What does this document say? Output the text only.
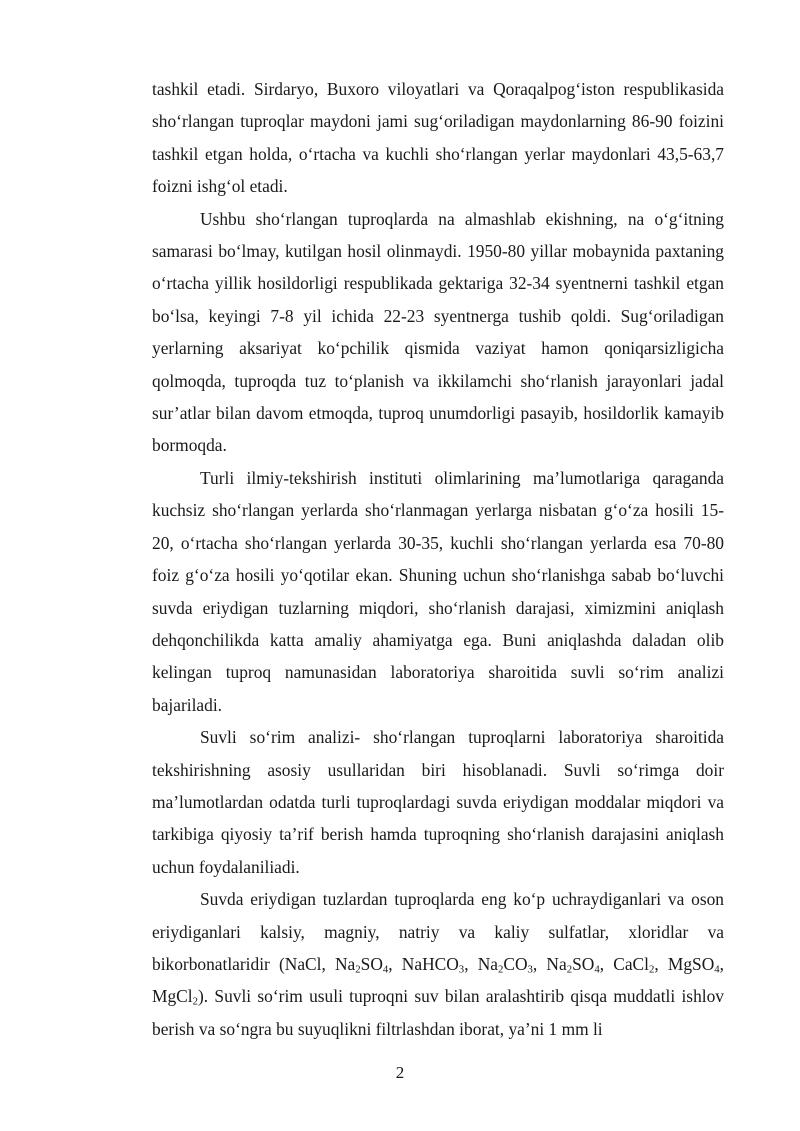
tashkil etadi. Sirdaryo, Buxoro viloyatlari va Qoraqalpog‘iston respublikasida sho‘rlangan tuproqlar maydoni jami sug‘oriladigan maydonlarning 86-90 foizini tashkil etgan holda, o‘rtacha va kuchli sho‘rlangan yerlar maydonlari 43,5-63,7 foizni ishg‘ol etadi.

Ushbu sho‘rlangan tuproqlarda na almashlab ekishning, na o‘g‘itning samarasi bo‘lmay, kutilgan hosil olinmaydi. 1950-80 yillar mobaynida paxtaning o‘rtacha yillik hosildorligi respublikada gektariga 32-34 syentnerni tashkil etgan bo‘lsa, keyingi 7-8 yil ichida 22-23 syentnerga tushib qoldi. Sug‘oriladigan yerlarning aksariyat ko‘pchilik qismida vaziyat hamon qoniqarsizligicha qolmoqda, tuproqda tuz to‘planish va ikkilamchi sho‘rlanish jarayonlari jadal sur’atlar bilan davom etmoqda, tuproq unumdorligi pasayib, hosildorlik kamayib bormoqda.

Turli ilmiy-tekshirish instituti olimlarining ma’lumotlariga qaraganda kuchsiz sho‘rlangan yerlarda sho‘rlanmagan yerlarga nisbatan g‘o‘za hosili 15-20, o‘rtacha sho‘rlangan yerlarda 30-35, kuchli sho‘rlangan yerlarda esa 70-80 foiz g‘o‘za hosili yo‘qotilar ekan. Shuning uchun sho‘rlanishga sabab bo‘luvchi suvda eriydigan tuzlarning miqdori, sho‘rlanish darajasi, ximizmini aniqlash dehqonchilikda katta amaliy ahamiyatga ega. Buni aniqlashda daladan olib kelingan tuproq namunasidan laboratoriya sharoitida suvli so‘rim analizi bajariladi.

Suvli so‘rim analizi- sho‘rlangan tuproqlarni laboratoriya sharoitida tekshirishning asosiy usullaridan biri hisoblanadi. Suvli so‘rimga doir ma’lumotlardan odatda turli tuproqlardagi suvda eriydigan moddalar miqdori va tarkibiga qiyosiy ta’rif berish hamda tuproqning sho‘rlanish darajasini aniqlash uchun foydalaniliadi.

Suvda eriydigan tuzlardan tuproqlarda eng ko‘p uchraydiganlari va oson eriydiganlari kalsiy, magniy, natriy va kaliy sulfatlar, xloridlar va bikorbonatlaridir (NaCl, $Na_2SO_4$, NaHCO$_3$, $Na_2CO_3$, $Na_2SO_4$, CaCl$_2$, MgSO$_4$, MgCl$_2$). Suvli so‘rim usuli tuproqni suv bilan aralashtirib qisqa muddatli ishlov berish va so‘ngra bu suyuqlikni filtrlashdan iborat, ya’ni 1 mm li

2
